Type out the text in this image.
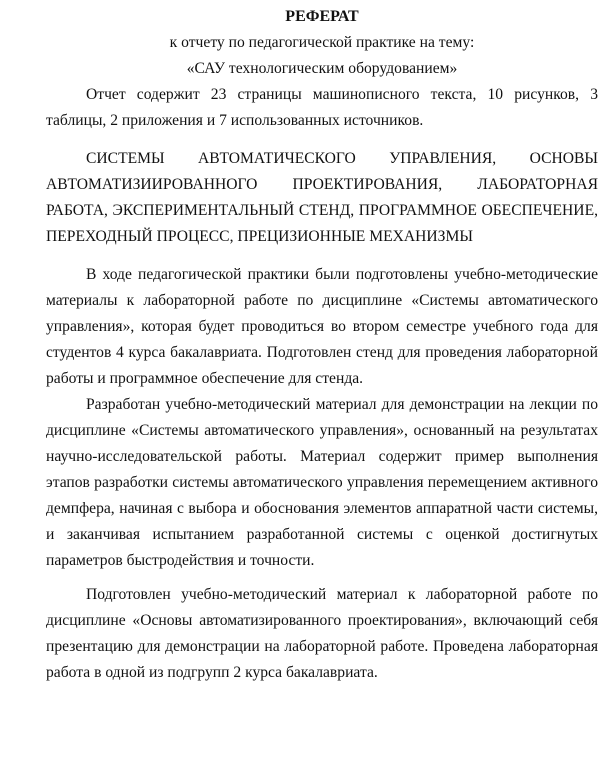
РЕФЕРАТ

к отчету по педагогической практике на тему:

«САУ технологическим оборудованием»

Отчет содержит 23 страницы машинописного текста, 10 рисунков, 3 таблицы, 2 приложения и 7 использованных источников.

СИСТЕМЫ АВТОМАТИЧЕСКОГО УПРАВЛЕНИЯ, ОСНОВЫ АВТОМАТИЗИИРОВАННОГО ПРОЕКТИРОВАНИЯ, ЛАБОРАТОРНАЯ РАБОТА, ЭКСПЕРИМЕНТАЛЬНЫЙ СТЕНД, ПРОГРАММНОЕ ОБЕСПЕЧЕНИЕ, ПЕРЕХОДНЫЙ ПРОЦЕСС, ПРЕЦИЗИОННЫЕ МЕХАНИЗМЫ

В ходе педагогической практики были подготовлены учебно-методические материалы к лабораторной работе по дисциплине «Системы автоматического управления», которая будет проводиться во втором семестре учебного года для студентов 4 курса бакалавриата. Подготовлен стенд для проведения лабораторной работы и программное обеспечение для стенда.

Разработан учебно-методический материал для демонстрации на лекции по дисциплине «Системы автоматического управления», основанный на результатах научно-исследовательской работы. Материал содержит пример выполнения этапов разработки системы автоматического управления перемещением активного демпфера, начиная с выбора и обоснования элементов аппаратной части системы, и заканчивая испытанием разработанной системы с оценкой достигнутых параметров быстродействия и точности.

Подготовлен учебно-методический материал к лабораторной работе по дисциплине «Основы автоматизированного проектирования», включающий себя презентацию для демонстрации на лабораторной работе. Проведена лабораторная работа в одной из подгрупп 2 курса бакалавриата.
